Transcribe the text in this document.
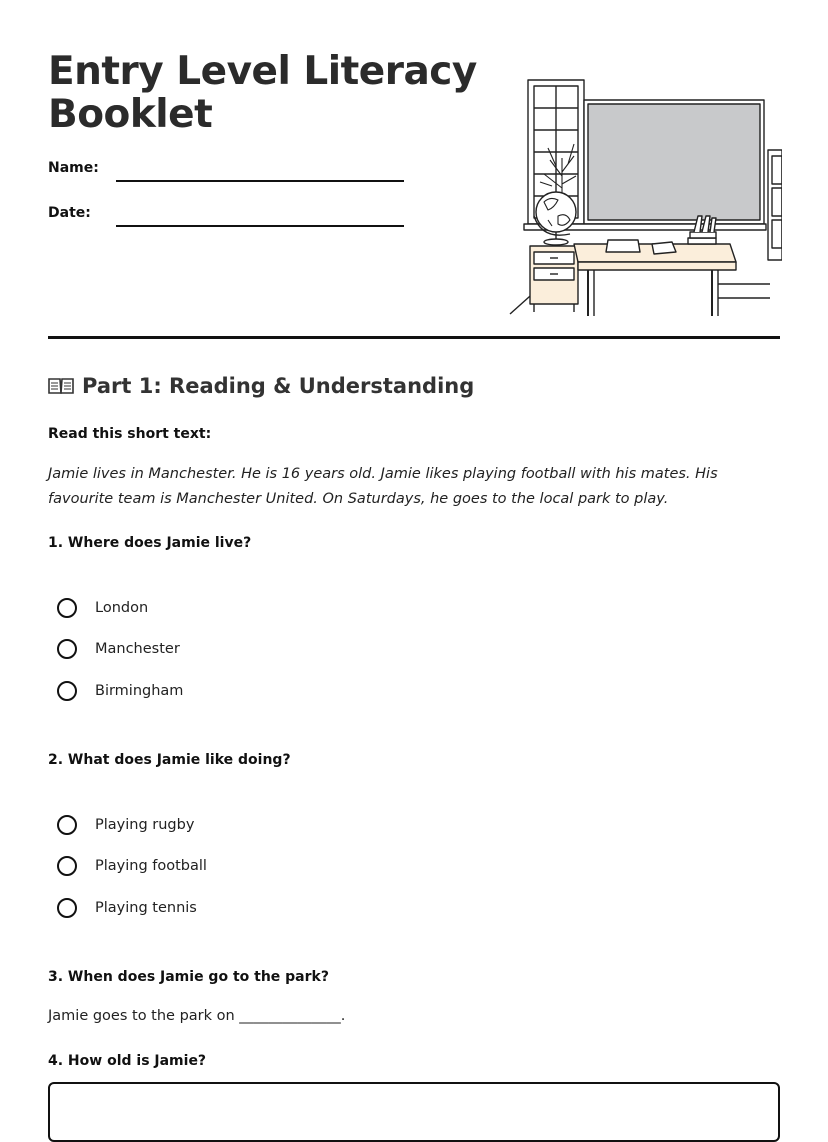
Entry Level Literacy
Booklet
Name:
Date:
Part 1: Reading & Understanding
Read this short text:

Jamie lives in Manchester. He is 16 years old. Jamie likes playing football with his mates. His favourite team is Manchester United. On Saturdays, he goes to the local park to play.

1. Where does Jamie live?
London
Manchester
Birmingham
2. What does Jamie like doing?
Playing rugby
Playing football
Playing tennis
3. When does Jamie go to the park?
Jamie goes to the park on ______________.
4. How old is Jamie?
